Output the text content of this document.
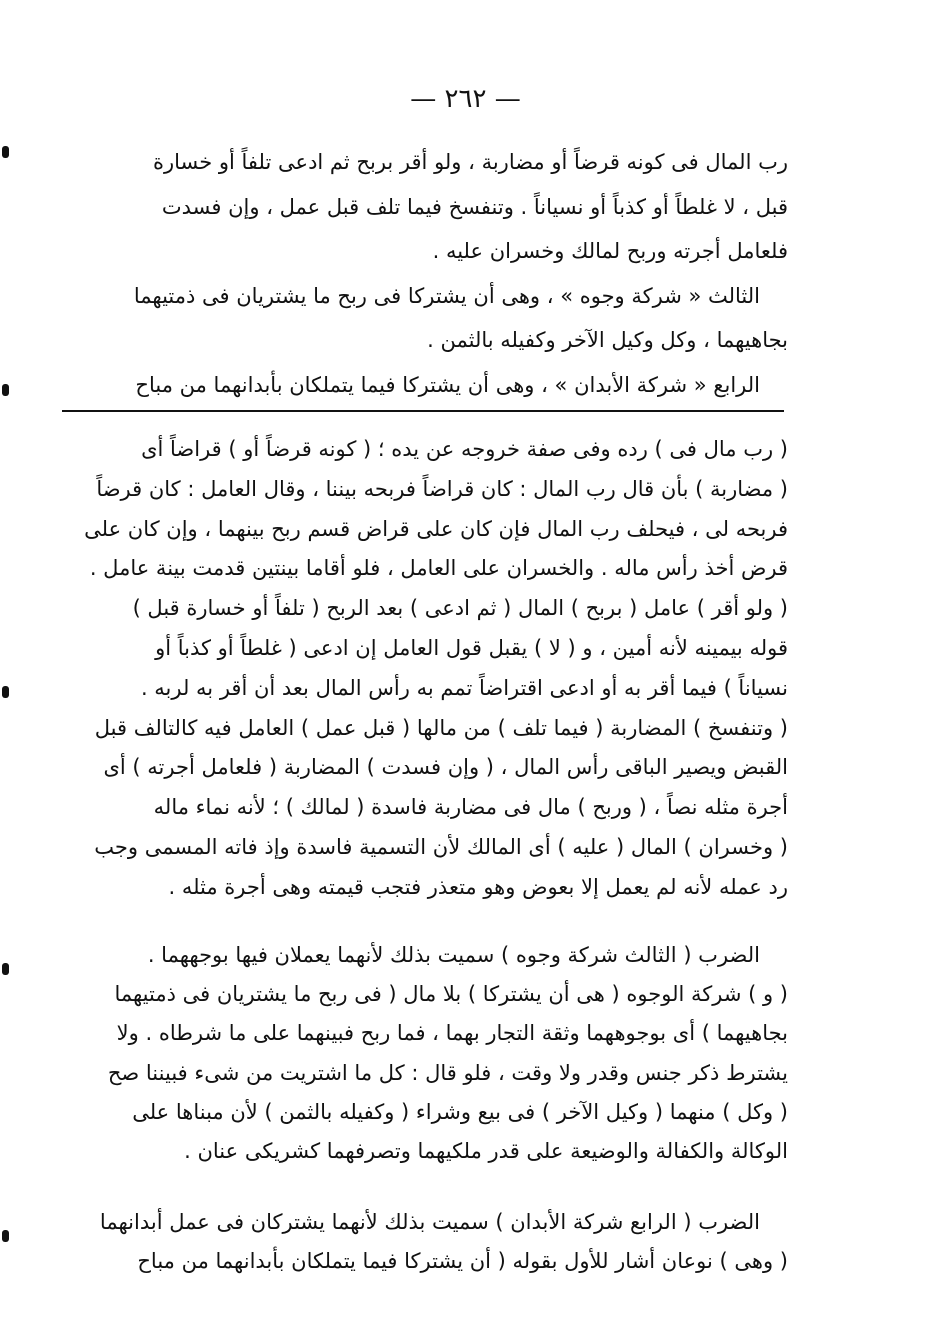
— ٢٦٢ —
رب المال فى كونه قرضاً أو مضاربة ، ولو أقر بربح ثم ادعى تلفاً أو خسارة
قبل ، لا غلطاً أو كذباً أو نسياناً . وتنفسخ فيما تلف قبل عمل ، وإن فسدت
فلعامل أجرته وربح لمالك وخسران عليه .
الثالث « شركة وجوه » ، وهى أن يشتركا فى ربح ما يشتريان فى ذمتيهما
بجاهيهما ، وكل وكيل الآخر وكفيله بالثمن .
الرابع « شركة الأبدان » ، وهى أن يشتركا فيما يتملكان بأبدانهما من مباح
( رب مال فى ) رده وفى صفة خروجه عن يده ؛ ( كونه قرضاً أو ) قراضاً أى
( مضاربة ) بأن قال رب المال : كان قراضاً فربحه بيننا ، وقال العامل : كان قرضاً
فربحه لى ، فيحلف رب المال فإن كان على قراض قسم ربح بينهما ، وإن كان على
قرض أخذ رأس ماله . والخسران على العامل ، فلو أقاما بينتين قدمت بينة عامل .
( ولو أقر ) عامل ( بربح ) المال ( ثم ادعى ) بعد الربح ( تلفاً أو خسارة قبل )
قوله بيمينه لأنه أمين ، و ( لا ) يقبل قول العامل إن ادعى ( غلطاً أو كذباً أو
نسياناً ) فيما أقر به أو ادعى اقتراضاً تمم به رأس المال بعد أن أقر به لربه .
( وتنفسخ ) المضاربة ( فيما تلف ) من مالها ( قبل عمل ) العامل فيه كالتالف قبل
القبض ويصير الباقى رأس المال ، ( وإن فسدت ) المضاربة ( فلعامل أجرته ) أى
أجرة مثله نصاً ، ( وربح ) مال فى مضاربة فاسدة ( لمالك ) ؛ لأنه نماء ماله
( وخسران ) المال ( عليه ) أى المالك لأن التسمية فاسدة وإذ فاته المسمى وجب
رد عمله لأنه لم يعمل إلا بعوض وهو متعذر فتجب قيمته وهى أجرة مثله .
الضرب ( الثالث شركة وجوه ) سميت بذلك لأنهما يعملان فيها بوجههما .
( و ) شركة الوجوه ( هى أن يشتركا ) بلا مال ( فى ربح ما يشتريان فى ذمتيهما
بجاهيهما ) أى بوجوههما وثقة التجار بهما ، فما ربح فبينهما على ما شرطاه . ولا
يشترط ذكر جنس وقدر ولا وقت ، فلو قال : كل ما اشتريت من شىء فبيننا صح
( وكل ) منهما ( وكيل الآخر ) فى بيع وشراء ( وكفيله بالثمن ) لأن مبناها على
الوكالة والكفالة والوضيعة على قدر ملكيهما وتصرفهما كشريكى عنان .
الضرب ( الرابع شركة الأبدان ) سميت بذلك لأنهما يشتركان فى عمل أبدانهما
( وهى ) نوعان أشار للأول بقوله ( أن يشتركا فيما يتملكان بأبدانهما من مباح
